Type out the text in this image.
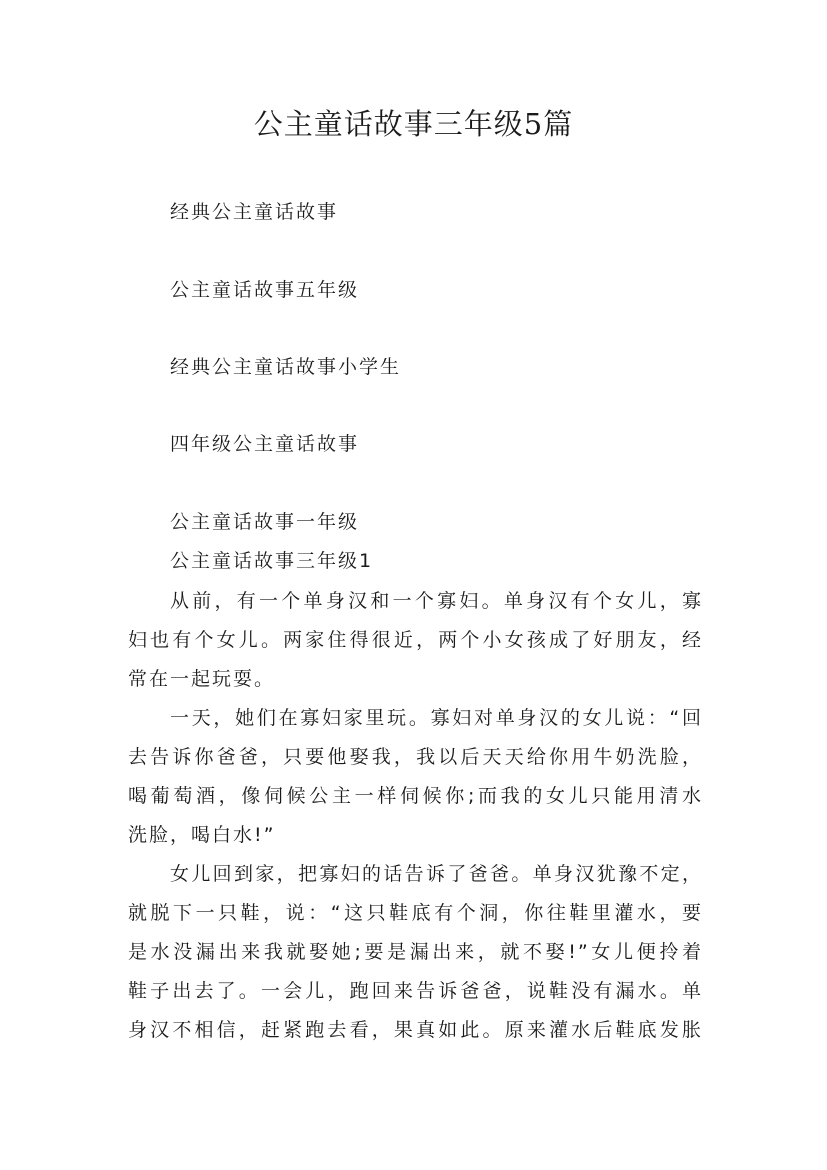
公主童话故事三年级5篇
经典公主童话故事
公主童话故事五年级
经典公主童话故事小学生
四年级公主童话故事
公主童话故事一年级
公主童话故事三年级1
从前，有一个单身汉和一个寡妇。单身汉有个女儿，寡
妇也有个女儿。两家住得很近，两个小女孩成了好朋友，经
常在一起玩耍。
一天，她们在寡妇家里玩。寡妇对单身汉的女儿说：“回
去告诉你爸爸，只要他娶我，我以后天天给你用牛奶洗脸，
喝葡萄酒，像伺候公主一样伺候你;而我的女儿只能用清水
洗脸，喝白水!”
女儿回到家，把寡妇的话告诉了爸爸。单身汉犹豫不定，
就脱下一只鞋，说：“这只鞋底有个洞，你往鞋里灌水，要
是水没漏出来我就娶她;要是漏出来，就不娶!”女儿便拎着
鞋子出去了。一会儿，跑回来告诉爸爸，说鞋没有漏水。单
身汉不相信，赶紧跑去看，果真如此。原来灌水后鞋底发胀
